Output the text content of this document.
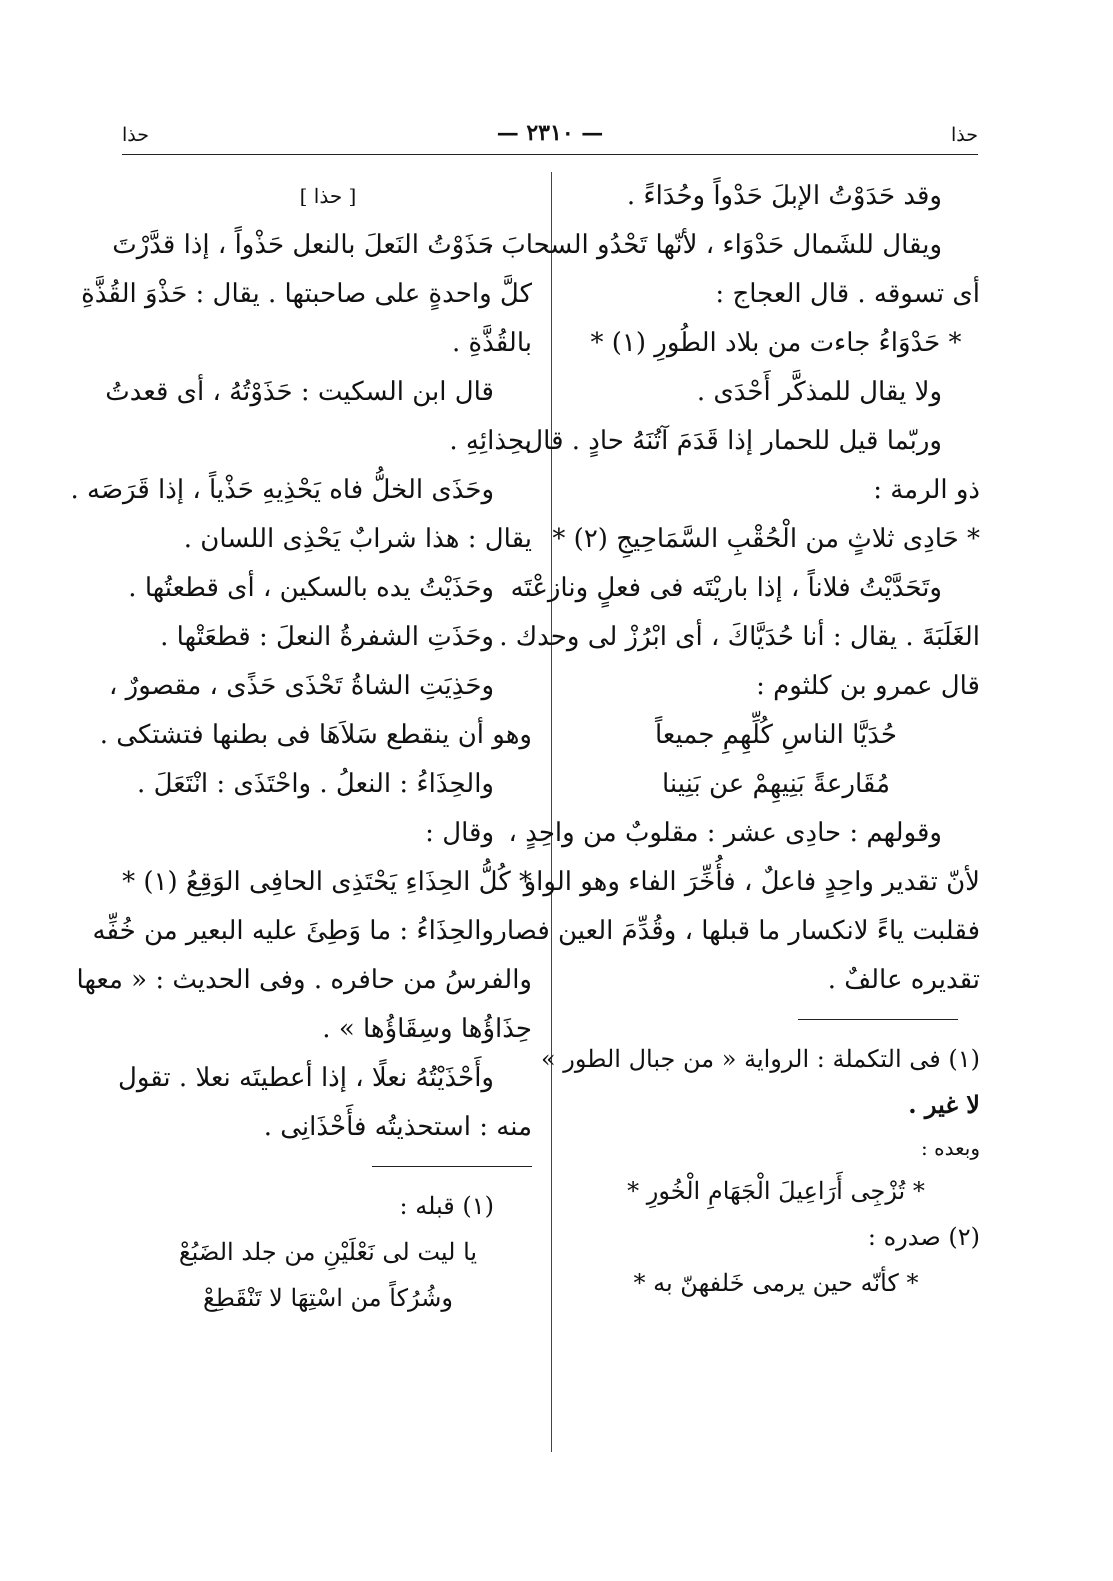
حذا
— ٢٣١٠ —
حذا
وقد حَدَوْتُ الإبلَ حَدْواً وحُدَاءً .
ويقال للشَمال حَدْوَاء ، لأنّها تَحْدُو السحابَ ،
أى تسوقه . قال العجاج :
* حَدْوَاءُ جاءت من بلاد الطُورِ (١) *
ولا يقال للمذكَّر أَحْدَى .
وربّما قيل للحمار إذا قَدَمَ آتُنَهُ حادٍ . قال
ذو الرمة :
* حَادِى ثلاثٍ من الْحُقْبِ السَّمَاحِيجِ (٢) *
وتَحَدَّيْتُ فلاناً ، إذا باريْتَه فى فعلٍ ونازعْتَه
الغَلَبَةَ . يقال : أنا حُدَيَّاكَ ، أى ابْرُزْ لى وحدك .
قال عمرو بن كلثوم :
حُدَيَّا الناسِ كُلِّهِمِ جميعاً
مُقَارعةً بَنِيهِمْ عن بَنِينا
وقولهم : حادِى عشر : مقلوبٌ من واحِدٍ ،
لأنّ تقدير واحِدٍ فاعلٌ ، فأُخِّرَ الفاء وهو الواو
فقلبت ياءً لانكسار ما قبلها ، وقُدِّمَ العين فصار
تقديره عالفٌ .
(١) فى التكملة : الرواية « من جبال الطور »
لا غير .
وبعده :
* تُزْجِى أَرَاعِيلَ الْجَهَامِ الْخُورِ *
(٢) صدره :
* كأنّه حين يرمى خَلفهنّ به *
[ حذا ]
حَذَوْتُ النَعلَ بالنعل حَذْواً ، إذا قدَّرْتَ
كلَّ واحدةٍ على صاحبتها . يقال : حَذْوَ القُذَّةِ
بالقُذَّةِ .
قال ابن السكيت : حَذَوْتُهُ ، أى قعدتُ
بحِذائِهِ .
وحَذَى الخلُّ فاه يَحْذِيهِ حَذْياً ، إذا قَرَصَه .
يقال : هذا شرابٌ يَحْذِى اللسان .
وحَذَيْتُ يده بالسكين ، أى قطعتُها .
وحَذَتِ الشفرةُ النعلَ : قطعَتْها .
وحَذِيَتِ الشاةُ تَحْذَى حَذًى ، مقصورٌ ،
وهو أن ينقطع سَلاَهَا فى بطنها فتشتكى .
والحِذَاءُ : النعلُ . واحْتَذَى : انْتَعَلَ .
وقال :
* كُلُّ الحِذَاءِ يَحْتَذِى الحافِى الوَقِعُ (١) *
والحِذَاءُ : ما وَطِئَ عليه البعير من خُفِّه
والفرسُ من حافره . وفى الحديث : « معها
حِذَاؤُها وسِقَاؤُها » .
وأَحْذَيْتُهُ نعلًا ، إذا أعطيتَه نعلا . تقول
منه : استحذيتُه فأَحْذَانِى .
(١) قبله :
يا ليت لى نَعْلَيْنِ من جلد الضَبُعْ
وشُرُكاً من اسْتِهَا لا تَنْقَطِعْ
